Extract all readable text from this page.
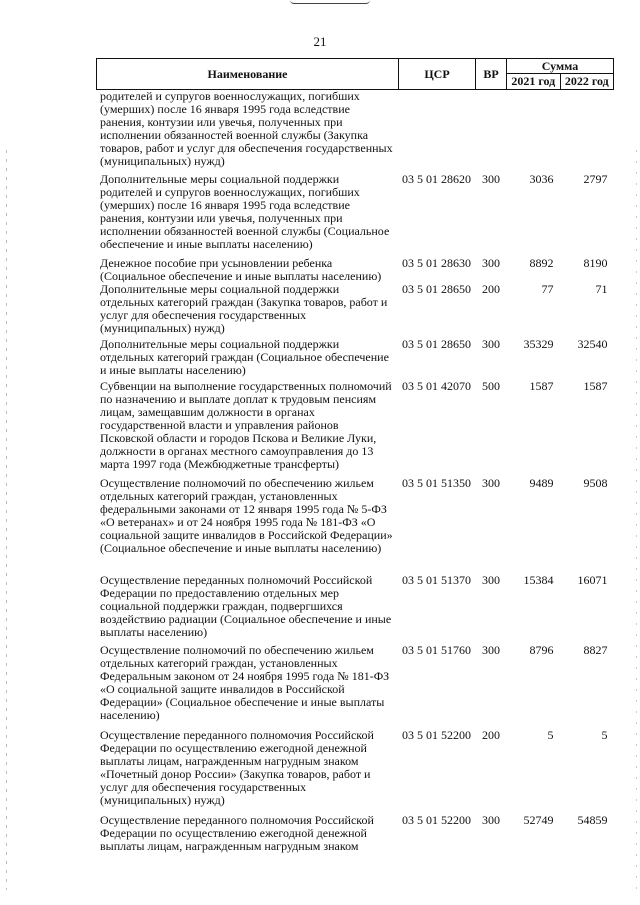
21
Наименование	ЦСР	ВР	Сумма	
			2021 год	2022 год
родителей и супругов военнослужащих, погибших (умерших) после 16 января 1995 года вследствие ранения, контузии или увечья, полученных при исполнении обязанностей военной службы (Закупка товаров, работ и услуг для обеспечения государственных (муниципальных) нужд)				
Дополнительные меры социальной поддержки родителей и супругов военнослужащих, погибших (умерших) после 16 января 1995 года вследствие ранения, контузии или увечья, полученных при исполнении обязанностей военной службы (Социальное обеспечение и иные выплаты населению)	03 5 01 28620	300	3036	2797
Денежное пособие при усыновлении ребенка (Социальное обеспечение и иные выплаты населению)	03 5 01 28630	300	8892	8190
Дополнительные меры социальной поддержки отдельных категорий граждан (Закупка товаров, работ и услуг для обеспечения государственных (муниципальных) нужд)	03 5 01 28650	200	77	71
Дополнительные меры социальной поддержки отдельных категорий граждан (Социальное обеспечение и иные выплаты населению)	03 5 01 28650	300	35329	32540
Субвенции на выполнение государственных полномочий по назначению и выплате доплат к трудовым пенсиям лицам, замещавшим должности в органах государственной власти и управления районов Псковской области и городов Пскова и Великие Луки, должности в органах местного самоуправления до 13 марта 1997 года (Межбюджетные трансферты)	03 5 01 42070	500	1587	1587
Осуществление полномочий по обеспечению жильем отдельных категорий граждан, установленных федеральными законами от 12 января 1995 года № 5-ФЗ «О ветеранах» и от 24 ноября 1995 года № 181-ФЗ «О социальной защите инвалидов в Российской Федерации» (Социальное обеспечение и иные выплаты населению)	03 5 01 51350	300	9489	9508
Осуществление переданных полномочий Российской Федерации по предоставлению отдельных мер социальной поддержки граждан, подвергшихся воздействию радиации (Социальное обеспечение и иные выплаты населению)	03 5 01 51370	300	15384	16071
Осуществление полномочий по обеспечению жильем отдельных категорий граждан, установленных Федеральным законом от 24 ноября 1995 года № 181-ФЗ «О социальной защите инвалидов в Российской Федерации» (Социальное обеспечение и иные выплаты населению)	03 5 01 51760	300	8796	8827
Осуществление переданного полномочия Российской Федерации по осуществлению ежегодной денежной выплаты лицам, награжденным нагрудным знаком «Почетный донор России» (Закупка товаров, работ и услуг для обеспечения государственных (муниципальных) нужд)	03 5 01 52200	200	5	5
Осуществление переданного полномочия Российской Федерации по осуществлению ежегодной денежной выплаты лицам, награжденным нагрудным знаком	03 5 01 52200	300	52749	54859
